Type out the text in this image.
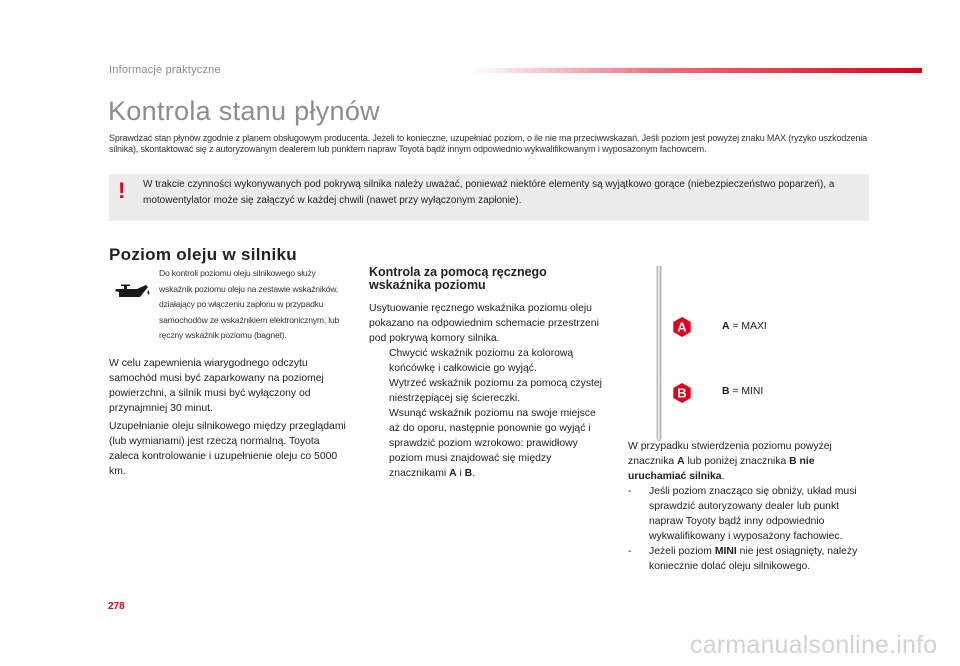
Informacje praktyczne
Kontrola stanu płynów

Sprawdzać stan płynów zgodnie z planem obsługowym producenta. Jeżeli to konieczne, uzupełniać poziom, o ile nie ma przeciwwskazań. Jeśli poziom jest powyżej znaku MAX (ryzyko uszkodzenia silnika), skontaktować się z autoryzowanym dealerem lub punktem napraw Toyota bądź innym odpowiednio wykwalifikowanym i wyposażonym fachowcem.

! W trakcie czynności wykonywanych pod pokrywą silnika należy uważać, ponieważ niektóre elementy są wyjątkowo gorące (niebezpieczeństwo poparzeń), a motowentylator może się załączyć w każdej chwili (nawet przy wyłączonym zapłonie).

Poziom oleju w silniku

Do kontroli poziomu oleju silnikowego służy wskaźnik poziomu oleju na zestawie wskaźników, działający po włączeniu zapłonu w przypadku samochodów ze wskaźnikiem elektronicznym, lub ręczny wskaźnik poziomu (bagnet).

W celu zapewnienia wiarygodnego odczytu samochód musi być zaparkowany na poziomej powierzchni, a silnik musi być wyłączony od przynajmniej 30 minut.

Uzupełnianie oleju silnikowego między przeglądami (lub wymianami) jest rzeczą normalną. Toyota zaleca kontrolowanie i uzupełnienie oleju co 5000 km.

Kontrola za pomocą ręcznego
wskaźnika poziomu

Usytuowanie ręcznego wskaźnika poziomu oleju pokazano na odpowiednim schemacie przestrzeni pod pokrywą komory silnika.

Chwycić wskaźnik poziomu za kolorową końcówkę i całkowicie go wyjąć.
Wytrzeć wskaźnik poziomu za pomocą czystej niestrzępiącej się ściereczki.
Wsunąć wskaźnik poziomu na swoje miejsce aż do oporu, następnie ponownie go wyjąć i sprawdzić poziom wzrokowo: prawidłowy poziom musi znajdować się między znacznikami A i B.
A
B
A = MAXI
B = MINI

W przypadku stwierdzenia poziomu powyżej znacznika A lub poniżej znacznika B nie uruchamiać silnika.

- Jeśli poziom znacząco się obniży, układ musi sprawdzić autoryzowany dealer lub punkt napraw Toyoty bądź inny odpowiednio wykwalifikowany i wyposażony fachowiec.
- Jeżeli poziom MINI nie jest osiągnięty, należy koniecznie dolać oleju silnikowego.
278
carmanualsonline.info
